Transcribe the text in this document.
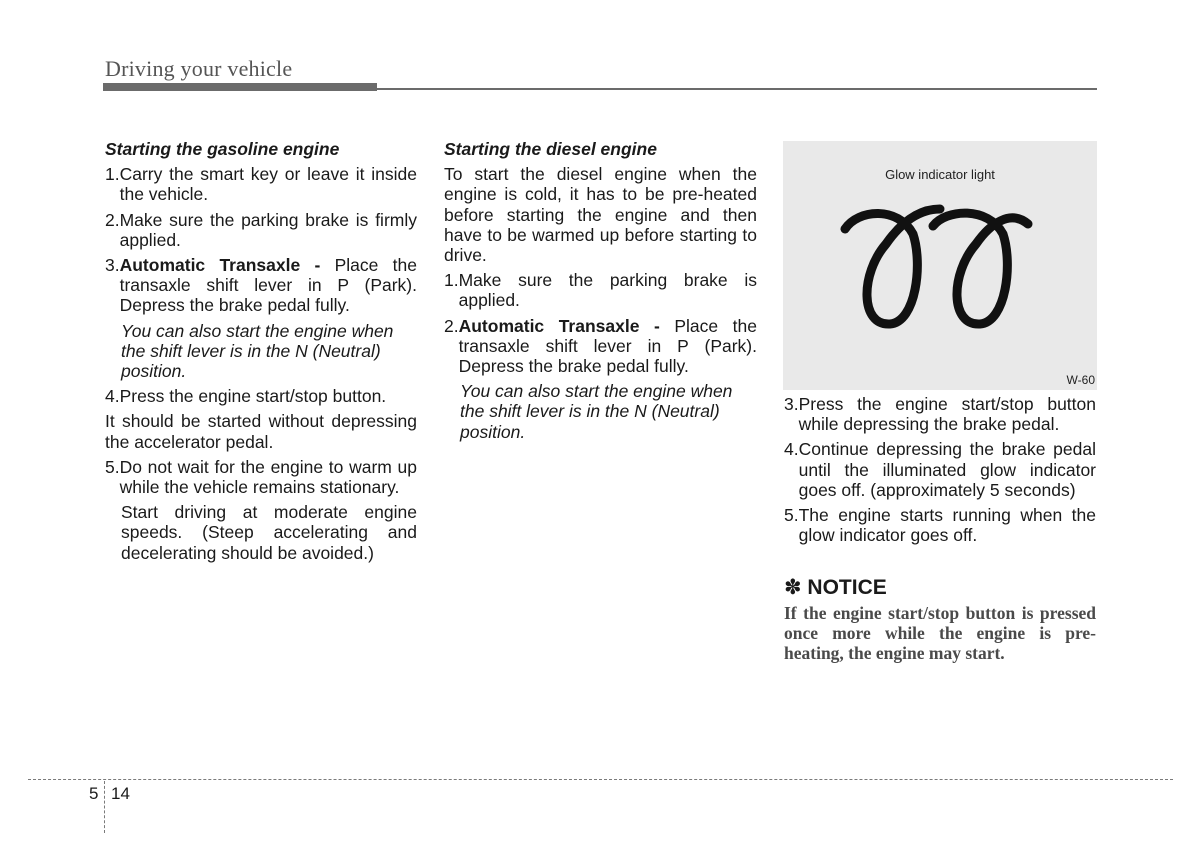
Driving your vehicle
Starting the gasoline engine
1. Carry the smart key or leave it inside the vehicle.
2. Make sure the parking brake is firmly applied.
3. Automatic Transaxle - Place the transaxle shift lever in P (Park). Depress the brake pedal fully.
You can also start the engine when the shift lever is in the N (Neutral) position.
4. Press the engine start/stop button.
It should be started without depressing the accelerator pedal.
5. Do not wait for the engine to warm up while the vehicle remains stationary.
Start driving at moderate engine speeds. (Steep accelerating and decelerating should be avoided.)
Starting the diesel engine
To start the diesel engine when the engine is cold, it has to be pre-heated before starting the engine and then have to be warmed up before starting to drive.
1. Make sure the parking brake is applied.
2. Automatic Transaxle - Place the transaxle shift lever in P (Park). Depress the brake pedal fully.
You can also start the engine when the shift lever is in the N (Neutral) position.
Glow indicator light
W-60
3. Press the engine start/stop button while depressing the brake pedal.
4. Continue depressing the brake pedal until the illuminated glow indicator goes off. (approximately 5 seconds)
5. The engine starts running when the glow indicator goes off.
✽ NOTICE
If the engine start/stop button is pressed once more while the engine is pre-heating, the engine may start.
5 14
